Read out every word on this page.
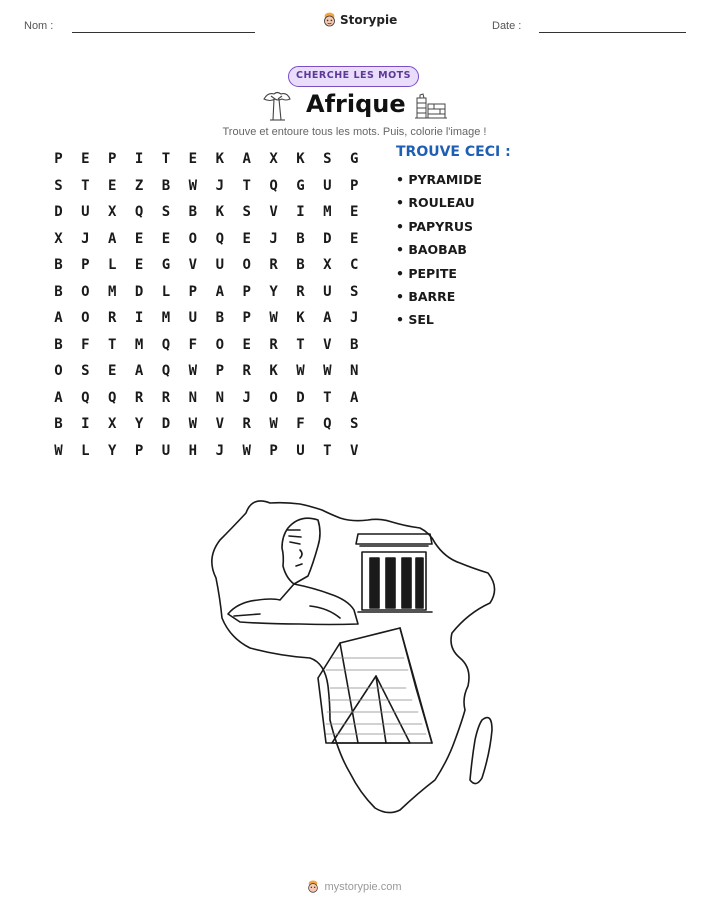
Nom :	Storypie	Date :
CHERCHE LES MOTS
Afrique
Trouve et entoure tous les mots. Puis, colorie l'image !
P	E	P	I	T	E	K	A	X	K	S	G
S	T	E	Z	B	W	J	T	Q	G	U	P
D	U	X	Q	S	B	K	S	V	I	M	E
X	J	A	E	E	O	Q	E	J	B	D	E
B	P	L	E	G	V	U	O	R	B	X	C
B	O	M	D	L	P	A	P	Y	R	U	S
A	O	R	I	M	U	B	P	W	K	A	J
B	F	T	M	Q	F	O	E	R	T	V	B
O	S	E	A	Q	W	P	R	K	W	W	N
A	Q	Q	R	R	N	N	J	O	D	T	A
B	I	X	Y	D	W	V	R	W	F	Q	S
W	L	Y	P	U	H	J	W	P	U	T	V
TROUVE CECI :
• PYRAMIDE
• ROULEAU
• PAPYRUS
• BAOBAB
• PEPITE
• BARRE
• SEL
mystorypie.com
